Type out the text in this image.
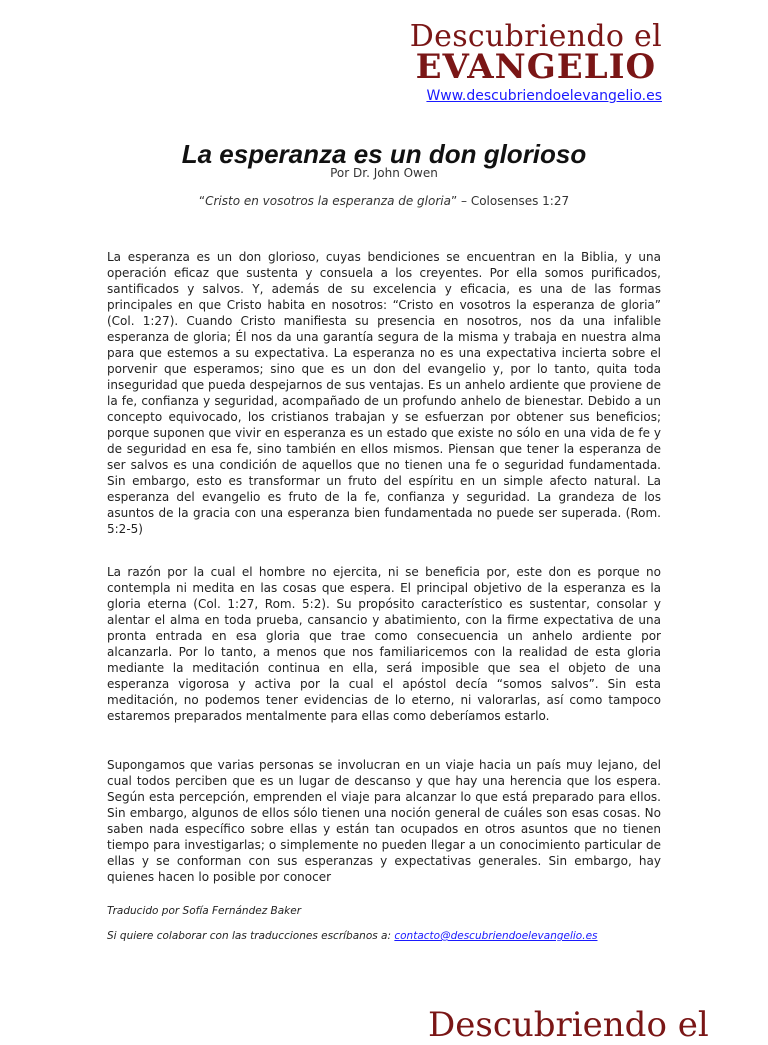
Descubriendo el
EVANGELIO
Www.descubriendoelevangelio.es
La esperanza es un don glorioso
Por Dr. John Owen
“Cristo en vosotros la esperanza de gloria” – Colosenses 1:27

La esperanza es un don glorioso, cuyas bendiciones se encuentran en la Biblia, y una operación eficaz que sustenta y consuela a los creyentes. Por ella somos purificados, santificados y salvos. Y, además de su excelencia y eficacia, es una de las formas principales en que Cristo habita en nosotros: “Cristo en vosotros la esperanza de gloria” (Col. 1:27). Cuando Cristo manifiesta su presencia en nosotros, nos da una infalible esperanza de gloria; Él nos da una garantía segura de la misma y trabaja en nuestra alma para que estemos a su expectativa. La esperanza no es una expectativa incierta sobre el porvenir que esperamos; sino que es un don del evangelio y, por lo tanto, quita toda inseguridad que pueda despejarnos de sus ventajas. Es un anhelo ardiente que proviene de la fe, confianza y seguridad, acompañado de un profundo anhelo de bienestar. Debido a un concepto equivocado, los cristianos trabajan y se esfuerzan por obtener sus beneficios; porque suponen que vivir en esperanza es un estado que existe no sólo en una vida de fe y de seguridad en esa fe, sino también en ellos mismos. Piensan que tener la esperanza de ser salvos es una condición de aquellos que no tienen una fe o seguridad fundamentada. Sin embargo, esto es transformar un fruto del espíritu en un simple afecto natural. La esperanza del evangelio es fruto de la fe, confianza y seguridad. La grandeza de los asuntos de la gracia con una esperanza bien fundamentada no puede ser superada. (Rom. 5:2-5)

La razón por la cual el hombre no ejercita, ni se beneficia por, este don es porque no contempla ni medita en las cosas que espera. El principal objetivo de la esperanza es la gloria eterna (Col. 1:27, Rom. 5:2). Su propósito característico es sustentar, consolar y alentar el alma en toda prueba, cansancio y abatimiento, con la firme expectativa de una pronta entrada en esa gloria que trae como consecuencia un anhelo ardiente por alcanzarla. Por lo tanto, a menos que nos familiaricemos con la realidad de esta gloria mediante la meditación continua en ella, será imposible que sea el objeto de una esperanza vigorosa y activa por la cual el apóstol decía “somos salvos”. Sin esta meditación, no podemos tener evidencias de lo eterno, ni valorarlas, así como tampoco estaremos preparados mentalmente para ellas como deberíamos estarlo.

Supongamos que varias personas se involucran en un viaje hacia un país muy lejano, del cual todos perciben que es un lugar de descanso y que hay una herencia que los espera. Según esta percepción, emprenden el viaje para alcanzar lo que está preparado para ellos. Sin embargo, algunos de ellos sólo tienen una noción general de cuáles son esas cosas. No saben nada específico sobre ellas y están tan ocupados en otros asuntos que no tienen tiempo para investigarlas; o simplemente no pueden llegar a un conocimiento particular de ellas y se conforman con sus esperanzas y expectativas generales. Sin embargo, hay quienes hacen lo posible por conocer

Traducido por Sofía Fernández Baker
Si quiere colaborar con las traducciones escríbanos a: contacto@descubriendoelevangelio.es
Descubriendo el
